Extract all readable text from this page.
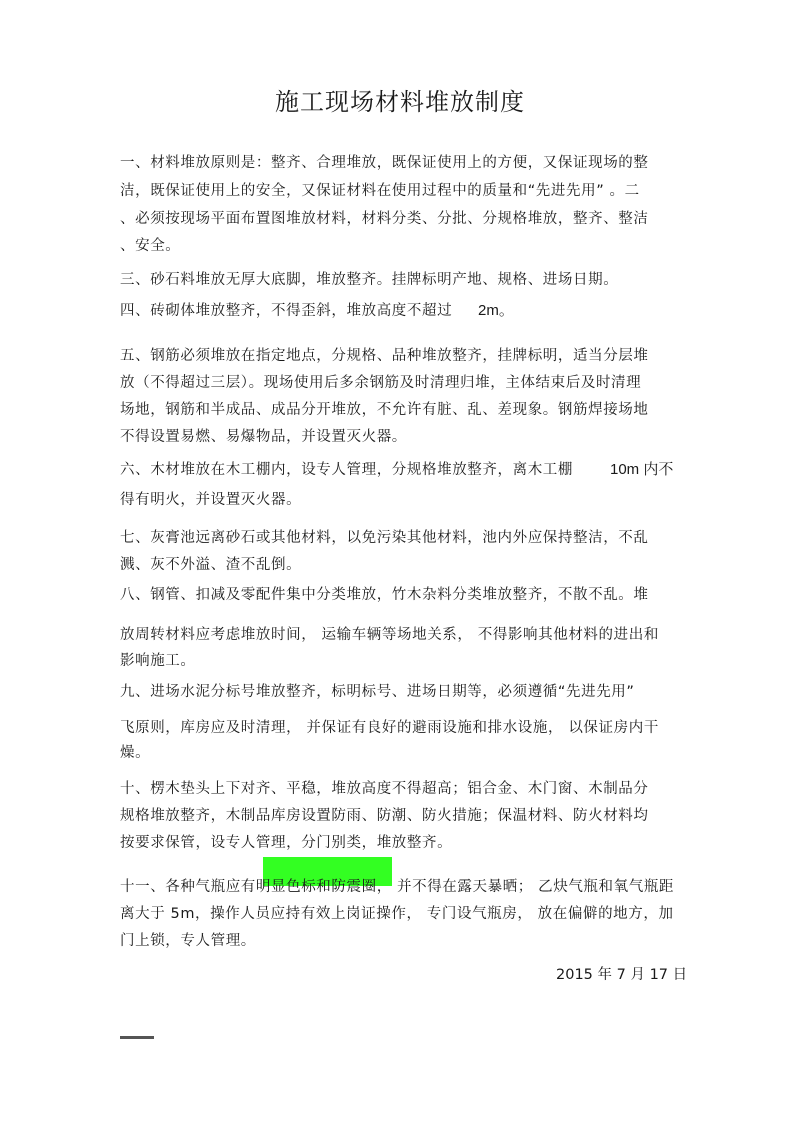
施工现场材料堆放制度
一、材料堆放原则是：整齐、合理堆放，既保证使用上的方便，又保证现场的整
洁，既保证使用上的安全，又保证材料在使用过程中的质量和“先进先用” 。二
、必须按现场平面布置图堆放材料，材料分类、分批、分规格堆放，整齐、整洁
、安全。
三、砂石料堆放无厚大底脚，堆放整齐。挂牌标明产地、规格、进场日期。
四、砖砌体堆放整齐，不得歪斜，堆放高度不超过 2m。
五、钢筋必须堆放在指定地点，分规格、品种堆放整齐，挂牌标明，适当分层堆
放（不得超过三层）。现场使用后多余钢筋及时清理归堆，主体结束后及时清理
场地，钢筋和半成品、成品分开堆放，不允许有脏、乱、差现象。钢筋焊接场地
不得设置易燃、易爆物品，并设置灭火器。
六、木材堆放在木工棚内，设专人管理，分规格堆放整齐，离木工棚 10m 内不
得有明火，并设置灭火器。
七、灰膏池远离砂石或其他材料，以免污染其他材料，池内外应保持整洁，不乱
溅、灰不外溢、渣不乱倒。
八、钢管、扣减及零配件集中分类堆放，竹木杂料分类堆放整齐，不散不乱。堆
放周转材料应考虑堆放时间， 运输车辆等场地关系， 不得影响其他材料的进出和
影响施工。
九、进场水泥分标号堆放整齐，标明标号、进场日期等，必须遵循“先进先用”
飞原则，库房应及时清理， 并保证有良好的避雨设施和排水设施， 以保证房内干
燥。
十、楞木垫头上下对齐、平稳，堆放高度不得超高；铝合金、木门窗、木制品分
规格堆放整齐，木制品库房设置防雨、防潮、防火措施；保温材料、防火材料均
按要求保管，设专人管理，分门别类，堆放整齐。
十一、各种气瓶应有明显色标和防震圈， 并不得在露天暴晒； 乙炔气瓶和氧气瓶距
离大于 5m，操作人员应持有效上岗证操作， 专门设气瓶房， 放在偏僻的地方，加
门上锁，专人管理。
2015 年 7 月 17 日
